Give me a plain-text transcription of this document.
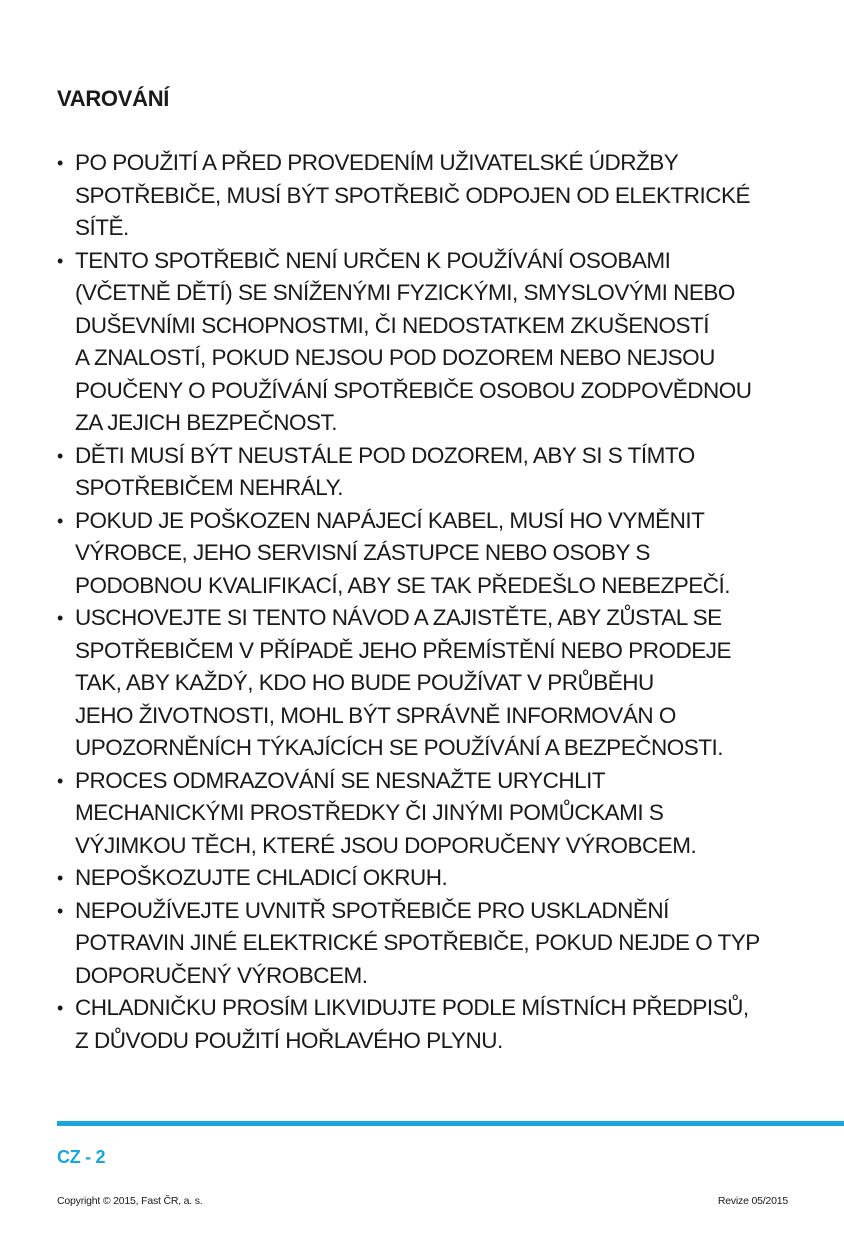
VAROVÁNÍ
• PO POUŽITÍ A PŘED PROVEDENÍM UŽIVATELSKÉ ÚDRŽBY
SPOTŘEBIČE, MUSÍ BÝT SPOTŘEBIČ ODPOJEN OD ELEKTRICKÉ
SÍTĚ.
• TENTO SPOTŘEBIČ NENÍ URČEN K POUŽÍVÁNÍ OSOBAMI
(VČETNĚ DĚTÍ) SE SNÍŽENÝMI FYZICKÝMI, SMYSLOVÝMI NEBO
DUŠEVNÍMI SCHOPNOSTMI, ČI NEDOSTATKEM ZKUŠENOSTÍ
A ZNALOSTÍ, POKUD NEJSOU POD DOZOREM NEBO NEJSOU
POUČENY O POUŽÍVÁNÍ SPOTŘEBIČE OSOBOU ZODPOVĚDNOU
ZA JEJICH BEZPEČNOST.
• DĚTI MUSÍ BÝT NEUSTÁLE POD DOZOREM, ABY SI S TÍMTO
SPOTŘEBIČEM NEHRÁLY.
• POKUD JE POŠKOZEN NAPÁJECÍ KABEL, MUSÍ HO VYMĚNIT
VÝROBCE, JEHO SERVISNÍ ZÁSTUPCE NEBO OSOBY S
PODOBNOU KVALIFIKACÍ, ABY SE TAK PŘEDEŠLO NEBEZPEČÍ.
• USCHOVEJTE SI TENTO NÁVOD A ZAJISTĚTE, ABY ZŮSTAL SE
SPOTŘEBIČEM V PŘÍPADĚ JEHO PŘEMÍSTĚNÍ NEBO PRODEJE
TAK, ABY KAŽDÝ, KDO HO BUDE POUŽÍVAT V PRŮBĚHU
JEHO ŽIVOTNOSTI, MOHL BÝT SPRÁVNĚ INFORMOVÁN O
UPOZORNĚNÍCH TÝKAJÍCÍCH SE POUŽÍVÁNÍ A BEZPEČNOSTI.
• PROCES ODMRAZOVÁNÍ SE NESNAŽTE URYCHLIT
MECHANICKÝMI PROSTŘEDKY ČI JINÝMI POMŮCKAMI S
VÝJIMKOU TĚCH, KTERÉ JSOU DOPORUČENY VÝROBCEM.
• NEPOŠKOZUJTE CHLADICÍ OKRUH.
• NEPOUŽÍVEJTE UVNITŘ SPOTŘEBIČE PRO USKLADNĚNÍ
POTRAVIN JINÉ ELEKTRICKÉ SPOTŘEBIČE, POKUD NEJDE O TYP
DOPORUČENÝ VÝROBCEM.
• CHLADNIČKU PROSÍM LIKVIDUJTE PODLE MÍSTNÍCH PŘEDPISŮ,
Z DŮVODU POUŽITÍ HOŘLAVÉHO PLYNU.
CZ - 2
Copyright © 2015, Fast ČR, a. s.	Revize 05/2015
